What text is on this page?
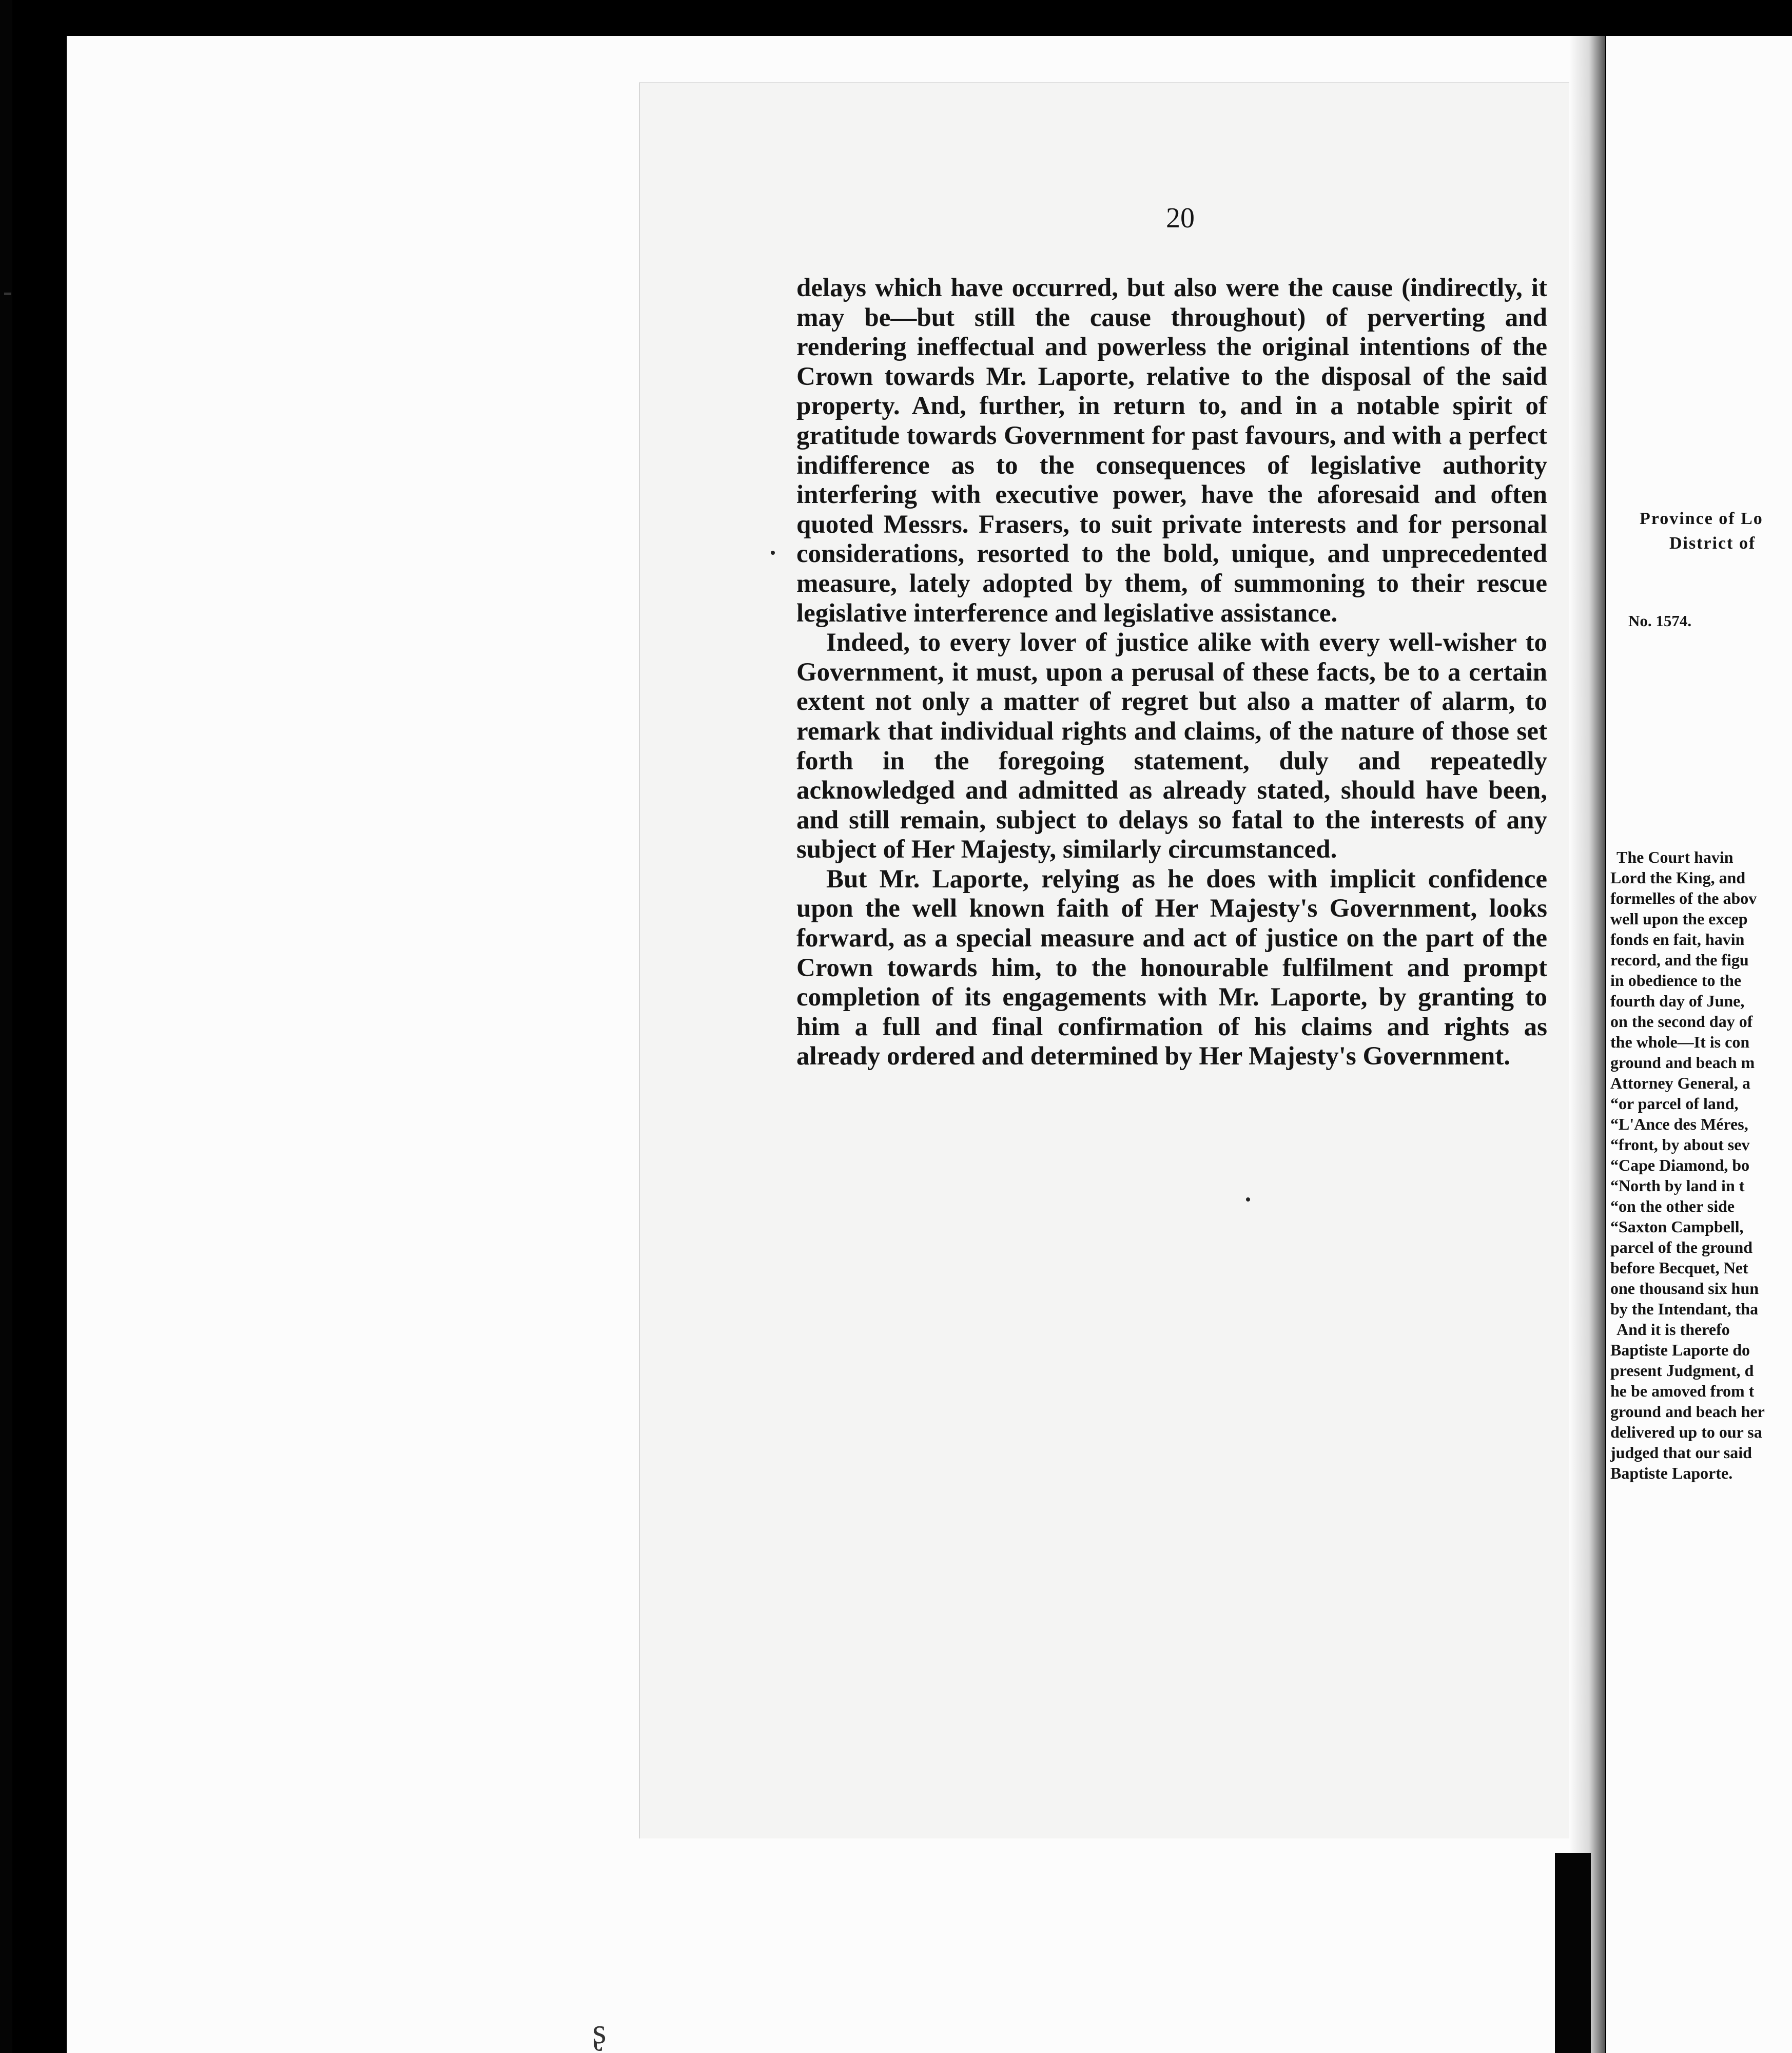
ʂ
20

delays which have occurred, but also were the cause (indirectly, it may be—but still the cause throughout) of perverting and rendering ineffectual and powerless the original intentions of the Crown towards Mr. Laporte, relative to the disposal of the said property. And, further, in return to, and in a notable spirit of gratitude towards Government for past favours, and with a perfect indifference as to the consequences of legislative authority interfering with executive power, have the aforesaid and often quoted Messrs. Frasers, to suit private interests and for personal considerations, resorted to the bold, unique, and unprecedented measure, lately adopted by them, of summoning to their rescue legislative interference and legislative assistance.

Indeed, to every lover of justice alike with every well-wisher to Government, it must, upon a perusal of these facts, be to a certain extent not only a matter of regret but also a matter of alarm, to remark that individual rights and claims, of the nature of those set forth in the foregoing statement, duly and repeatedly acknowledged and admitted as already stated, should have been, and still remain, subject to delays so fatal to the interests of any subject of Her Majesty, similarly circumstanced.

But Mr. Laporte, relying as he does with implicit confidence upon the well known faith of Her Majesty's Government, looks forward, as a special measure and act of justice on the part of the Crown towards him, to the honourable fulfilment and prompt completion of its engagements with Mr. Laporte, by granting to him a full and final confirmation of his claims and rights as already ordered and determined by Her Majesty's Government.

Province of Lo
District of
No. 1574.
The Court havin
Lord the King, and
formelles of the abov
well upon the excep
fonds en fait, havin
record, and the figu
in obedience to the
fourth day of June,
on the second day of
the whole—It is con
ground and beach m
Attorney General, a
“or parcel of land,
“L'Ance des Méres,
“front, by about sev
“Cape Diamond, bo
“North by land in t
“on the other side
“Saxton Campbell,
parcel of the ground
before Becquet, Net
one thousand six hun
by the Intendant, tha
And it is therefo
Baptiste Laporte do
present Judgment, d
he be amoved from t
ground and beach her
delivered up to our sa
judged that our said
Baptiste Laporte.
